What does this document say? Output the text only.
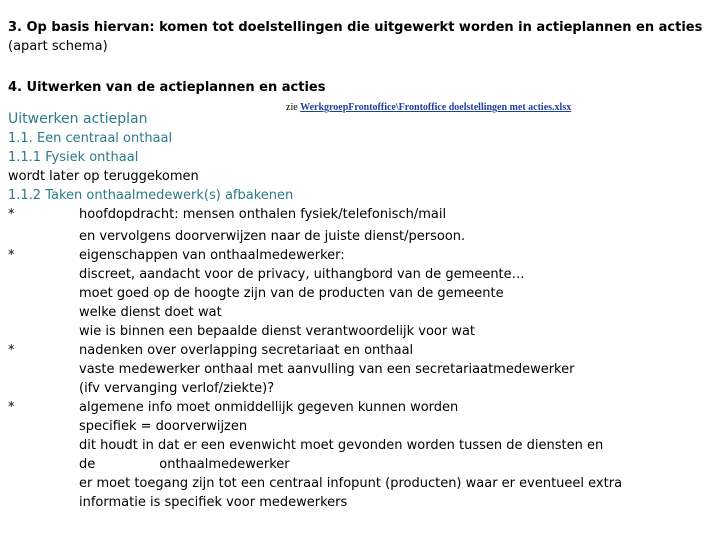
3. Op basis hiervan: komen tot doelstellingen die uitgewerkt worden in actieplannen en acties
(apart schema)
4. Uitwerken van de actieplannen en acties
zie WerkgroepFrontoffice\Frontoffice doelstellingen met acties.xlsx
Uitwerken actieplan
1.1. Een centraal onthaal
1.1.1 Fysiek onthaal
wordt later op teruggekomen
1.1.2 Taken onthaalmedewerk(s) afbakenen
*	hoofdopdracht: mensen onthalen fysiek/telefonisch/mail
en vervolgens doorverwijzen naar de juiste dienst/persoon.
*	eigenschappen van onthaalmedewerker:
discreet, aandacht voor de privacy, uithangbord van de gemeente…
moet goed op de hoogte zijn van de producten van de gemeente
welke dienst doet wat
wie is binnen een bepaalde dienst verantwoordelijk voor wat
*	nadenken over overlapping secretariaat en onthaal
vaste medewerker onthaal met aanvulling van een secretariaatmedewerker
(ifv vervanging verlof/ziekte)?
*	algemene info moet onmiddellijk gegeven kunnen worden
specifiek = doorverwijzen
dit houdt in dat er een evenwicht moet gevonden worden tussen de diensten en
de	onthaalmedewerker
er moet toegang zijn tot een centraal infopunt (producten) waar er eventueel extra
informatie is specifiek voor medewerkers
